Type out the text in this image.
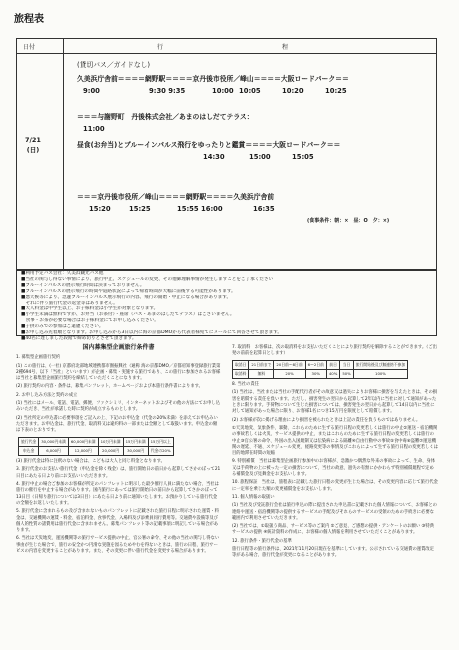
旅程表
日付	行	程
7/21
(日)
(貸切バス／ガイドなし)
久美浜庁舎前＝＝＝＝網野駅＝＝＝＝京丹後市役所／峰山＝＝＝＝大阪ロードパーク＝＝
9:00	9:30 9:35	10:00 10:05	10:20	10:25
＝＝＝与謝野町　丹後株式会社／あまのはしだてテラス：
11:00
昼食(お弁当)とブルーインパルス飛行をゆったりと鑑賞＝＝＝＝大阪ロードパーク＝＝
14:30	15:00	15:05
＝＝＝京丹後市役所／峰山＝＝＝＝網野駅＝＝＝＝久美浜庁舎前
15:20	15:25	15:55 16:00	16:35
(食事条件：朝：×　昼：O　夕：×)
■利用予定バス会社：久美浜観光バス他
■当社の関与し得ない事情により、旅行中止、スケジュールの変更、その他御理解事情が発生しますことをご了承ください
■ブルーインパルスの展示飛行時間は決まっておりません。
■ブルーインパルスの展示飛行の時間や道路状況によって帰着時間が大幅に前後する可能性があります。
■悪天候等により、急遽ブルーインパルス展示飛行の内容、飛行の開始・中止になる場合があります。
　それに伴う旅行代金の返金等はありません。
■大人料金は中学生以上、お子様料金は小学生が対象となります。
■小学生未満は無料ですが、お弁当（お茶付）・座席（バス・あまのはしだてテラス）はございません。
　食事・お茶が必要な場合はお子様料金にてお申し込みください。
■子供のみでの参加はご遠慮ください。
■お申し込み先着順となります。お申し込みから3日以内に海の京都DMOから代表者様宛てにメールにて回答させて頂きます。
■40名に達しました段階で締め切りとさせて頂きます。
国内募集型企画旅行条件書

1. 募集型企画旅行契約

(1) この旅行は、(一社) 京都府北部地域連携都市圏振興社（通称 海の京都DMO／京都府知事登録旅行業第2種694号、以下「当社」といいます）が企画・募集・実施する旅行であり、この旅行に参加されるお客様は当社と募集型企画旅行契約を締結していただくことになります。

(2) 旅行契約の内容・条件は、募集パンフレット、ホームページおよび本旅行条件書によります。

2. お申し込み方法と契約の成立

(1) 当社にはメール、電話、電話、郵便、ファクシミリ、インターネットおよびその他の方法にてお申し込みいただき、当社が承諾した時に契約が成立するものとします。

(2) 当社所定の申込書に必要事項をご記入の上、下記のお申込金（代金の20%未満）を添えてお申込みいただきます。お申込金は、旅行代金、取消料又は違約料の一部または全額として取扱います。申込金の額は下表のとおりです。

旅行代金	30,000円未満	60,000円未満	10万円未満	15万円未満	15万円以上
申込金	6,000円	12,000円	20,000円	30,000円	代金の20%

(3) 旅行代金は特に注釈のない場合は、こどもは大人と同じ料金となります。

3. 旅行代金のお支払い旅行代金（申込金を除く残金）は、旅行開始日の前日から起算してさかのぼって21日目にあたる日より前にお支払いいただきます。

4. 旅行中止の場合ご参加のお客様が所定のパンフレットに明示した最少催行人員に満たない場合、当社は旅行の催行を中止する場合があります。国内旅行にあっては旅行開始日の前日から起算してさかのぼって13日目（日帰り旅行については3日目）にあたる日より前に通知いたします。お預かりしている旅行代金の全額をお返しいたします。

5. 旅行代金に含まれるもの及び含まれないものパンフレットに記載された旅行日程に明示された運賃・料金は、交通機関の運賃・料金、宿泊料金、食事代金、入場料及び添乗員同行費用等。交通費や設備等及び個人的性質の諸費用は旅行代金に含まれません。募集パンフレット等の記載事項に明記している場合があります。

6. 当社は天災地変、運送機関等の旅行サービス提供の中止、官公署の命令、その他の当社の関与し得ない事由が生じた場合で、旅行の安全かつ円滑な実施を図るためやむを得ないときは、旅行の日程、旅行サービスの内容を変更することがあります。また、その変更に伴い旅行代金を変更する場合があります。

7. 取消料　お客様は、次の取消料をお支払いただくことにより旅行契約を解除することができます。（ご出発の前前を起算日とします）

取消日	21日前まで	20日前〜8日前	6〜2日前	前日	当日	旅行開始後及び無連絡不参加
取消料	無料	20%	30%	40%	50%	100%

8. 当社の責任

(1) 当社は、当社または当社の手配代行者がその故意又は過失によりお客様に損害を与えたときは、その損害を賠償する責任を負います。ただし、損害発生の翌日から起算して2年以内に当社に対して通知があったときに限ります。手荷物について生じた損害については、損害発生の翌日から起算して14日以内に当社に対して通知があった場合に限り、お客様1名につき15万円を限度として賠償します。

(2) お客様が次に掲げる理由により損害を被られたときは上記の責任を負うものではありません。

①天災地変、気象条件、暴動、これらのために生ずる旅行日程の変更若しくは旅行の中止②運送・宿泊機関の事故若しくは火災、サービス提供の中止、またはこれらのために生ずる旅行日程の変更若しくは旅行の中止③官公署の命令、外国の出入国規制又は伝染病による隔離④自由行動中の事故⑤食中毒⑥盗難⑦運送機関の遅延、不通、スケジュール変更、経路変更等の事情及びこれらによって生ずる旅行日程の変更若しくは目的地滞在時間の短縮

9. 特別補償　当社は募集型企画旅行参加中のお客様が、急激かつ偶然な外来の事故によって、生命、身体又は手荷物の上に被った一定の損害について、当社の故意、過失の有無にかかわらず特別補償規程で定める補償金及び見舞金をお支払いします。

10. 旅程保証　当社は、旅程表に記載した旅行日程の変更が生じた場合は、その変更内容に応じて旅行代金に一定率を乗じた額の変更補償金をお支払いします。

11. 個人情報の取扱い

(1) 当社及び受託旅行会社は旅行申込の際に提出された申込書に記載された個人情報について、お客様との連絡や運送・宿泊機関等の提供するサービスの手配及びそれらのサービスの受領のための手続きに必要な範囲内で利用させていただきます。

(2) 当社では、①取扱う商品、サービス等のご案内 ②ご意見、ご感想の提供・アンケートのお願い ③特典サービスの提供 ④統計資料の作成に、お客様の個人情報を利用させていただくことがあります。

12. 旅行条件・旅行代金の基準

旅行日程等の旅行条件は、2021年11月20日現在を基準にしています。公示されている交通費の運賃改定等がある場合、旅行代金が変更になることがあります。
